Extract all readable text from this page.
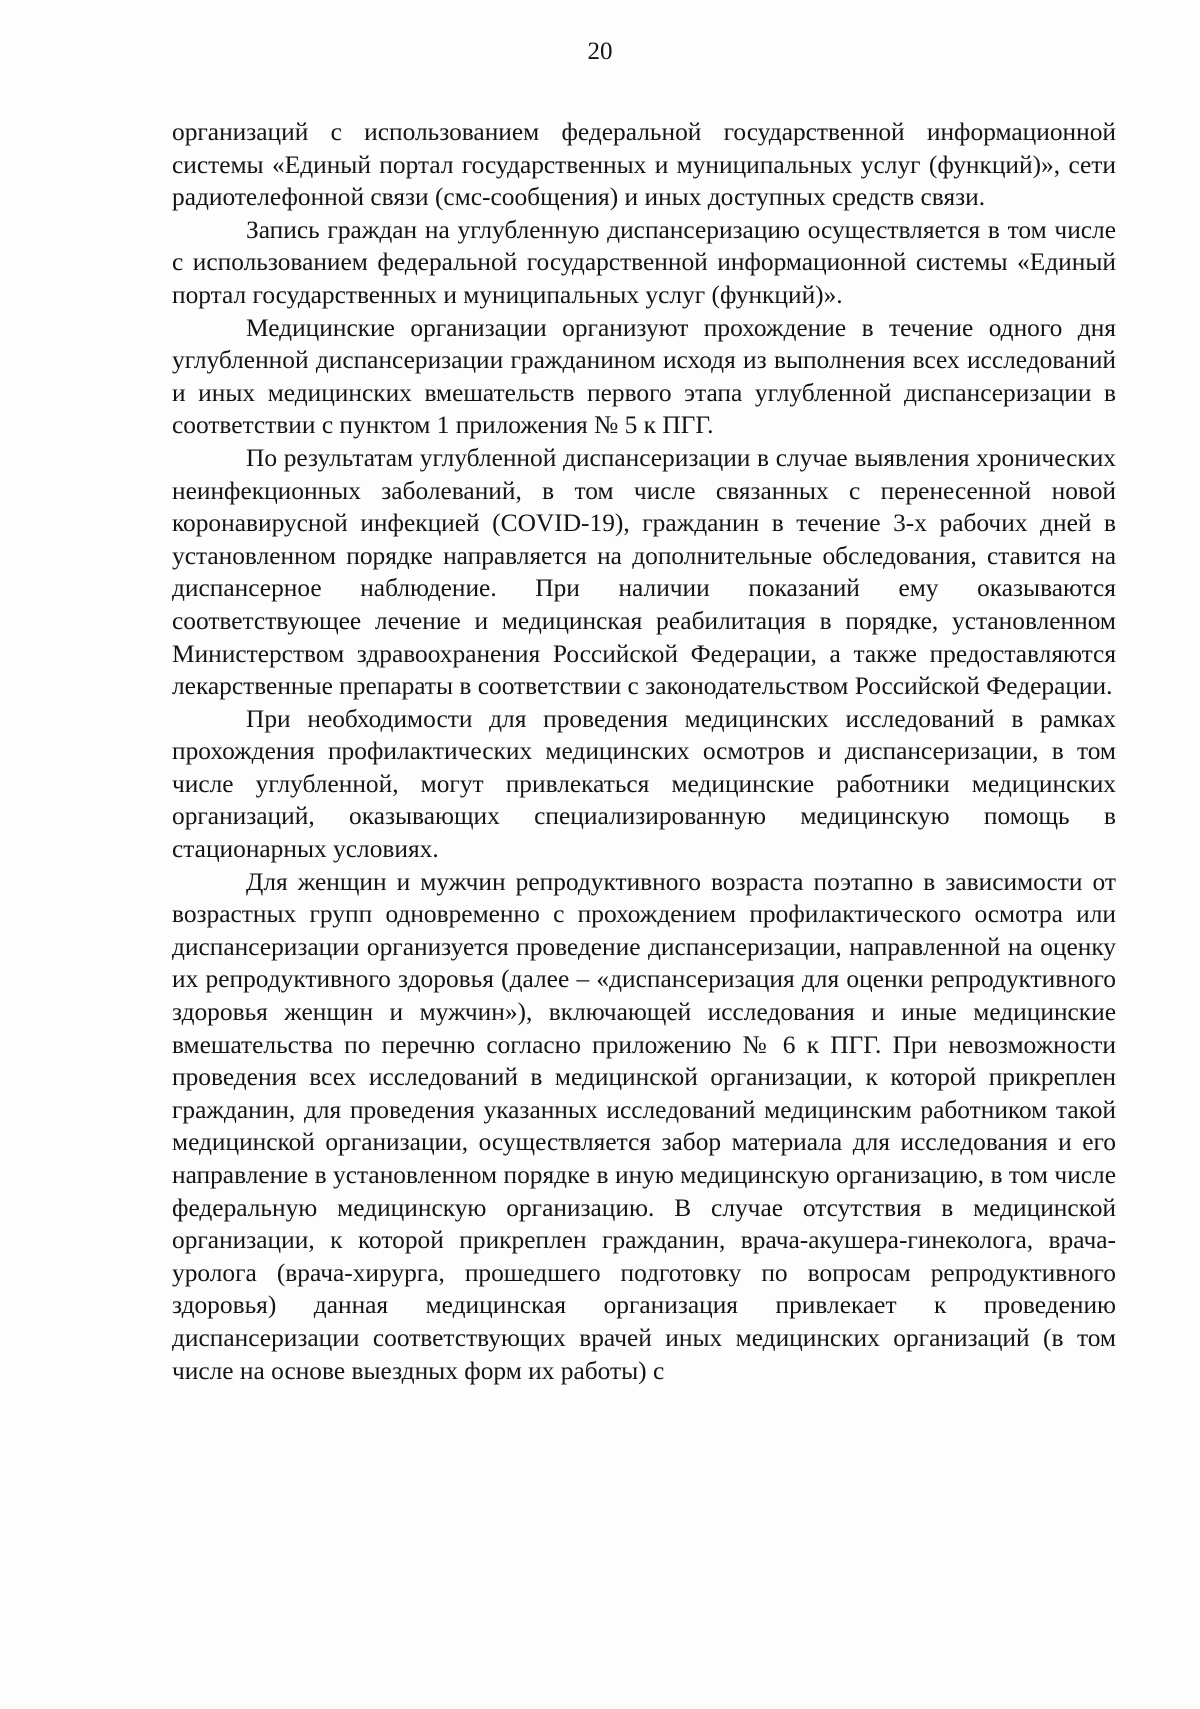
20

организаций с использованием федеральной государственной информационной системы «Единый портал государственных и муниципальных услуг (функций)», сети радиотелефонной связи (смс-сообщения) и иных доступных средств связи.

Запись граждан на углубленную диспансеризацию осуществляется в том числе с использованием федеральной государственной информационной системы «Единый портал государственных и муниципальных услуг (функций)».

Медицинские организации организуют прохождение в течение одного дня углубленной диспансеризации гражданином исходя из выполнения всех исследований и иных медицинских вмешательств первого этапа углубленной диспансеризации в соответствии с пунктом 1 приложения № 5 к ПГГ.

По результатам углубленной диспансеризации в случае выявления хронических неинфекционных заболеваний, в том числе связанных с перенесенной новой коронавирусной инфекцией (COVID-19), гражданин в течение 3-х рабочих дней в установленном порядке направляется на дополнительные обследования, ставится на диспансерное наблюдение. При наличии показаний ему оказываются соответствующее лечение и медицинская реабилитация в порядке, установленном Министерством здравоохранения Российской Федерации, а также предоставляются лекарственные препараты в соответствии с законодательством Российской Федерации.

При необходимости для проведения медицинских исследований в рамках прохождения профилактических медицинских осмотров и диспансеризации, в том числе углубленной, могут привлекаться медицинские работники медицинских организаций, оказывающих специализированную медицинскую помощь в стационарных условиях.

Для женщин и мужчин репродуктивного возраста поэтапно в зависимости от возрастных групп одновременно с прохождением профилактического осмотра или диспансеризации организуется проведение диспансеризации, направленной на оценку их репродуктивного здоровья (далее – «диспансеризация для оценки репродуктивного здоровья женщин и мужчин»), включающей исследования и иные медицинские вмешательства по перечню согласно приложению № 6 к ПГГ. При невозможности проведения всех исследований в медицинской организации, к которой прикреплен гражданин, для проведения указанных исследований медицинским работником такой медицинской организации, осуществляется забор материала для исследования и его направление в установленном порядке в иную медицинскую организацию, в том числе федеральную медицинскую организацию. В случае отсутствия в медицинской организации, к которой прикреплен гражданин, врача-акушера-гинеколога, врача-уролога (врача-хирурга, прошедшего подготовку по вопросам репродуктивного здоровья) данная медицинская организация привлекает к проведению диспансеризации соответствующих врачей иных медицинских организаций (в том числе на основе выездных форм их работы) с
